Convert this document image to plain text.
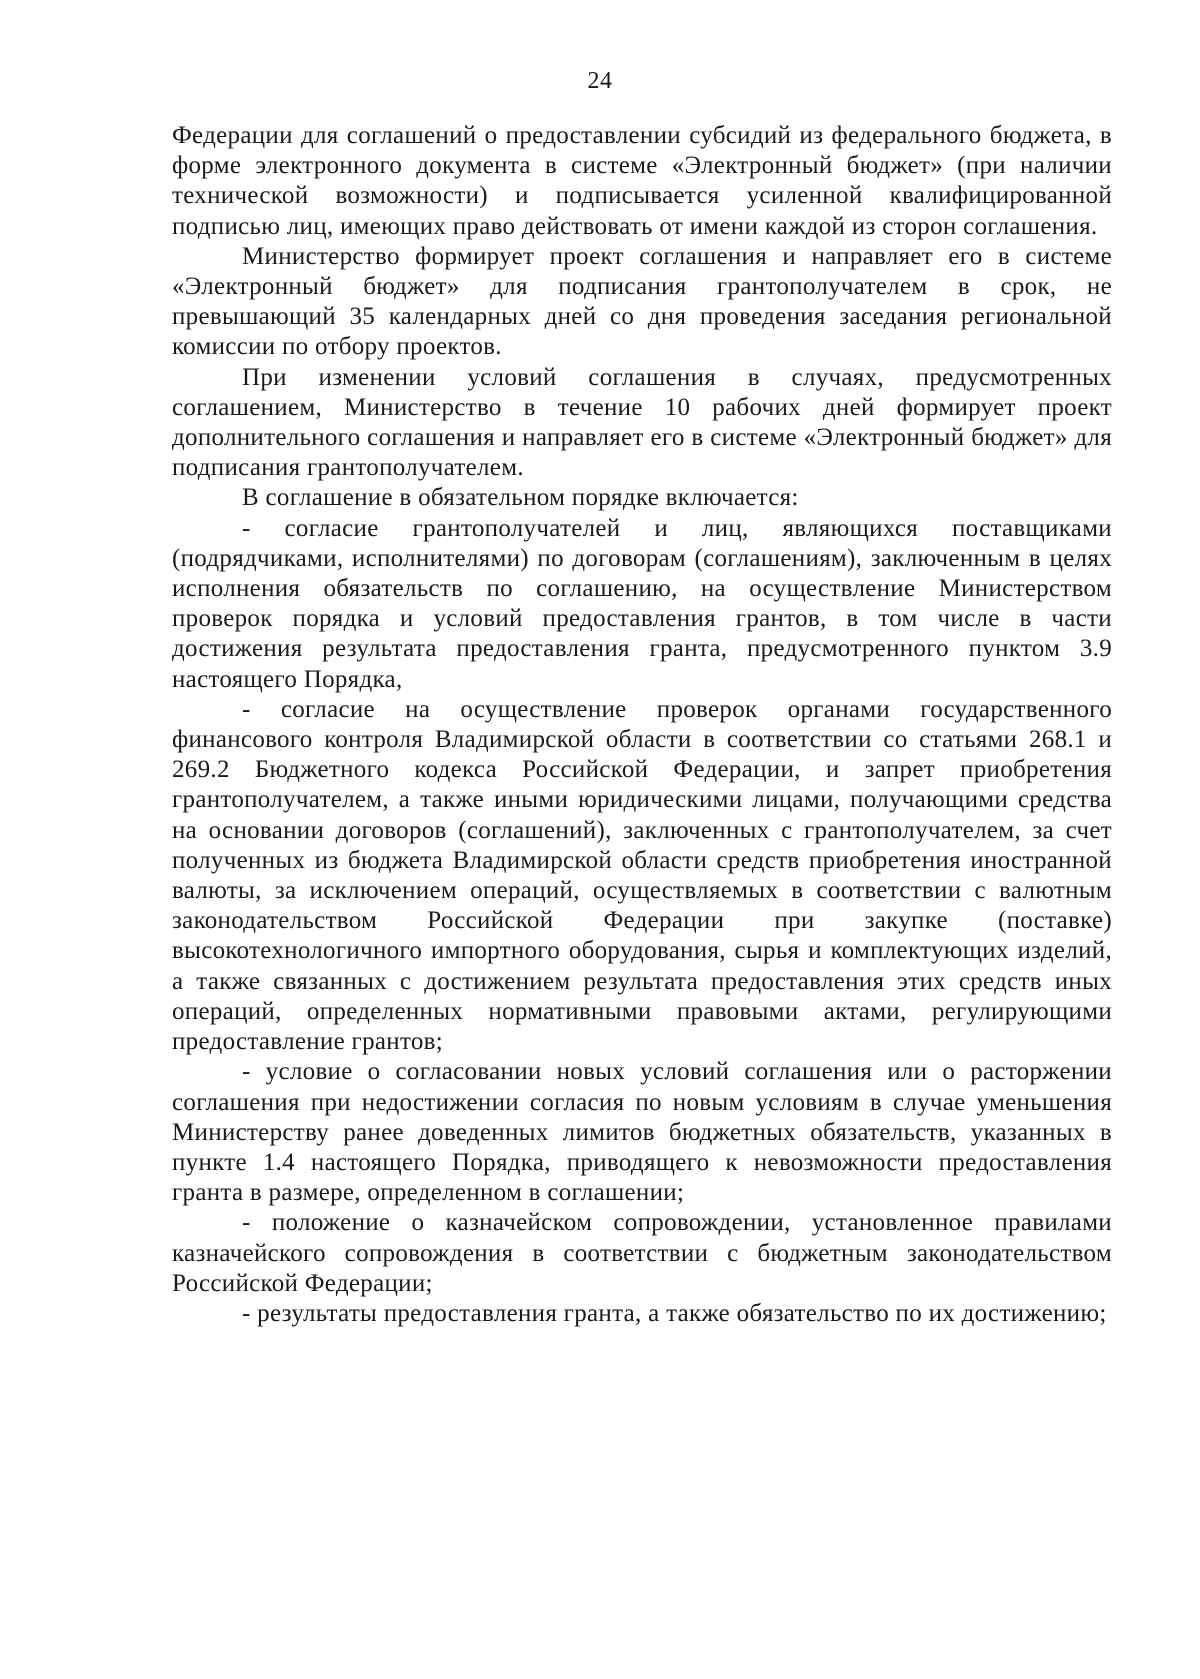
24

Федерации для соглашений о предоставлении субсидий из федерального бюджета, в форме электронного документа в системе «Электронный бюджет» (при наличии технической возможности) и подписывается усиленной квалифицированной подписью лиц, имеющих право действовать от имени каждой из сторон соглашения.

Министерство формирует проект соглашения и направляет его в системе «Электронный бюджет» для подписания грантополучателем в срок, не превышающий 35 календарных дней со дня проведения заседания региональной комиссии по отбору проектов.

При изменении условий соглашения в случаях, предусмотренных соглашением, Министерство в течение 10 рабочих дней формирует проект дополнительного соглашения и направляет его в системе «Электронный бюджет» для подписания грантополучателем.

В соглашение в обязательном порядке включается:

- согласие грантополучателей и лиц, являющихся поставщиками (подрядчиками, исполнителями) по договорам (соглашениям), заключенным в целях исполнения обязательств по соглашению, на осуществление Министерством проверок порядка и условий предоставления грантов, в том числе в части достижения результата предоставления гранта, предусмотренного пунктом 3.9 настоящего Порядка,

- согласие на осуществление проверок органами государственного финансового контроля Владимирской области в соответствии со статьями 268.1 и 269.2 Бюджетного кодекса Российской Федерации, и запрет приобретения грантополучателем, а также иными юридическими лицами, получающими средства на основании договоров (соглашений), заключенных с грантополучателем, за счет полученных из бюджета Владимирской области средств приобретения иностранной валюты, за исключением операций, осуществляемых в соответствии с валютным законодательством Российской Федерации при закупке (поставке) высокотехнологичного импортного оборудования, сырья и комплектующих изделий, а также связанных с достижением результата предоставления этих средств иных операций, определенных нормативными правовыми актами, регулирующими предоставление грантов;

- условие о согласовании новых условий соглашения или о расторжении соглашения при недостижении согласия по новым условиям в случае уменьшения Министерству ранее доведенных лимитов бюджетных обязательств, указанных в пункте 1.4 настоящего Порядка, приводящего к невозможности предоставления гранта в размере, определенном в соглашении;

- положение о казначейском сопровождении, установленное правилами казначейского сопровождения в соответствии с бюджетным законодательством Российской Федерации;

- результаты предоставления гранта, а также обязательство по их достижению;
